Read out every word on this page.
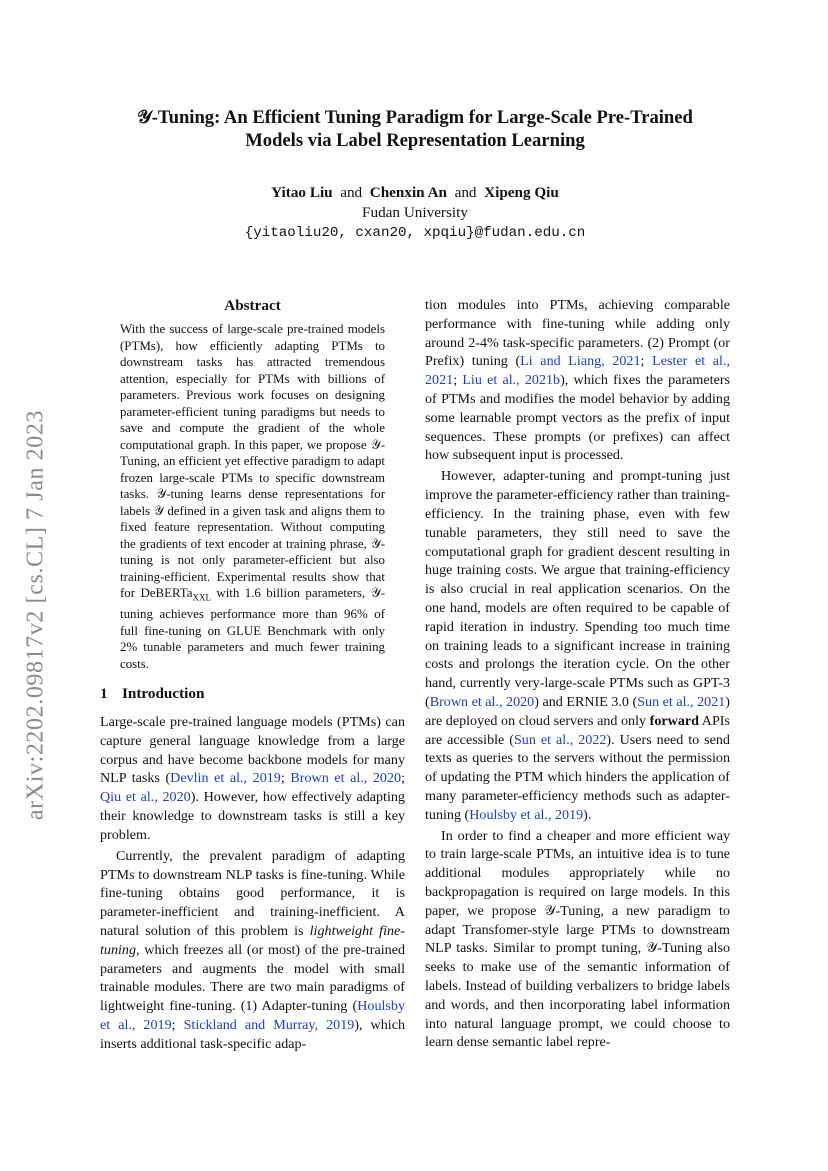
arXiv:2202.09817v2 [cs.CL] 7 Jan 2023
𝒴-Tuning: An Efficient Tuning Paradigm for Large-Scale Pre-Trained
Models via Label Representation Learning
Yitao Liu and Chenxin An and Xipeng Qiu
Fudan University
{yitaoliu20, cxan20, xpqiu}@fudan.edu.cn
Abstract
With the success of large-scale pre-trained models (PTMs), how efficiently adapting PTMs to downstream tasks has attracted tremendous attention, especially for PTMs with billions of parameters. Previous work focuses on designing parameter-efficient tuning paradigms but needs to save and compute the gradient of the whole computational graph. In this paper, we propose 𝒴-Tuning, an efficient yet effective paradigm to adapt frozen large-scale PTMs to specific downstream tasks. 𝒴-tuning learns dense representations for labels 𝒴 defined in a given task and aligns them to fixed feature representation. Without computing the gradients of text encoder at training phrase, 𝒴-tuning is not only parameter-efficient but also training-efficient. Experimental results show that for DeBERTa$_{XXL}$ with 1.6 billion parameters, 𝒴-tuning achieves performance more than 96% of full fine-tuning on GLUE Benchmark with only 2% tunable parameters and much fewer training costs.
1 Introduction

Large-scale pre-trained language models (PTMs) can capture general language knowledge from a large corpus and have become backbone models for many NLP tasks (Devlin et al., 2019; Brown et al., 2020; Qiu et al., 2020). However, how effectively adapting their knowledge to downstream tasks is still a key problem.

Currently, the prevalent paradigm of adapting PTMs to downstream NLP tasks is fine-tuning. While fine-tuning obtains good performance, it is parameter-inefficient and training-inefficient. A natural solution of this problem is lightweight fine-tuning, which freezes all (or most) of the pre-trained parameters and augments the model with small trainable modules. There are two main paradigms of lightweight fine-tuning. (1) Adapter-tuning (Houlsby et al., 2019; Stickland and Murray, 2019), which inserts additional task-specific adap-

tion modules into PTMs, achieving comparable performance with fine-tuning while adding only around 2-4% task-specific parameters. (2) Prompt (or Prefix) tuning (Li and Liang, 2021; Lester et al., 2021; Liu et al., 2021b), which fixes the parameters of PTMs and modifies the model behavior by adding some learnable prompt vectors as the prefix of input sequences. These prompts (or prefixes) can affect how subsequent input is processed.

However, adapter-tuning and prompt-tuning just improve the parameter-efficiency rather than training-efficiency. In the training phase, even with few tunable parameters, they still need to save the computational graph for gradient descent resulting in huge training costs. We argue that training-efficiency is also crucial in real application scenarios. On the one hand, models are often required to be capable of rapid iteration in industry. Spending too much time on training leads to a significant increase in training costs and prolongs the iteration cycle. On the other hand, currently very-large-scale PTMs such as GPT-3 (Brown et al., 2020) and ERNIE 3.0 (Sun et al., 2021) are deployed on cloud servers and only forward APIs are accessible (Sun et al., 2022). Users need to send texts as queries to the servers without the permission of updating the PTM which hinders the application of many parameter-efficiency methods such as adapter-tuning (Houlsby et al., 2019).

In order to find a cheaper and more efficient way to train large-scale PTMs, an intuitive idea is to tune additional modules appropriately while no backpropagation is required on large models. In this paper, we propose 𝒴-Tuning, a new paradigm to adapt Transfomer-style large PTMs to downstream NLP tasks. Similar to prompt tuning, 𝒴-Tuning also seeks to make use of the semantic information of labels. Instead of building verbalizers to bridge labels and words, and then incorporating label information into natural language prompt, we could choose to learn dense semantic label repre-
